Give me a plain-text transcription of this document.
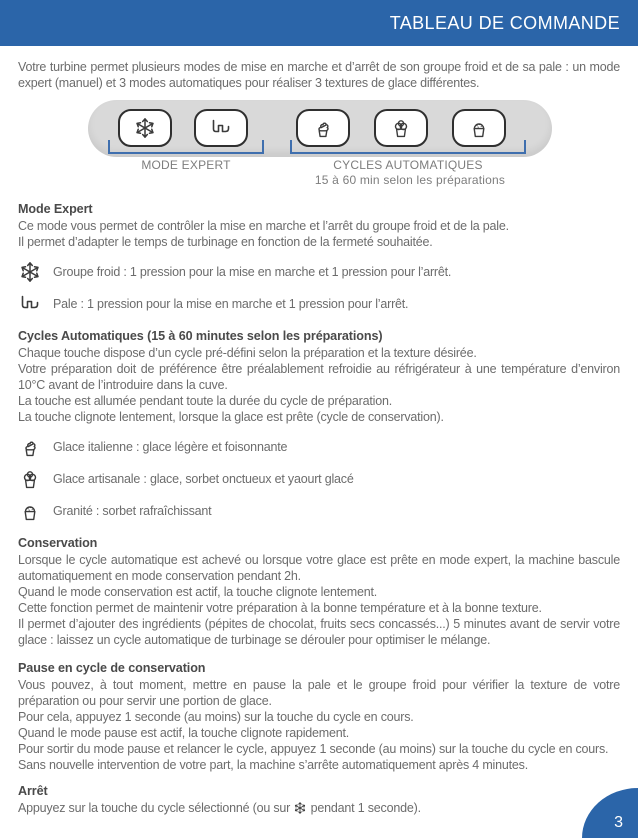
TABLEAU DE COMMANDE

Votre turbine permet plusieurs modes de mise en marche et d’arrêt de son groupe froid et de sa pale : un mode expert (manuel) et 3 modes automatiques pour réaliser 3 textures de glace différentes.

MODE EXPERT	CYCLES AUTOMATIQUES
15 à 60 min selon les préparations
Mode Expert

Ce mode vous permet de contrôler la mise en marche et l’arrêt du groupe froid et de la pale.

Il permet d’adapter le temps de turbinage en fonction de la fermeté souhaitée.

Groupe froid : 1 pression pour la mise en marche et 1 pression pour l’arrêt.
Pale : 1 pression pour la mise en marche et 1 pression pour l’arrêt.
Cycles Automatiques (15 à 60 minutes selon les préparations)

Chaque touche dispose d’un cycle pré-défini selon la préparation et la texture désirée.

Votre préparation doit de préférence être préalablement refroidie au réfrigérateur à une température d’environ 10°C avant de l’introduire dans la cuve.

La touche est allumée pendant toute la durée du cycle de préparation.

La touche clignote lentement, lorsque la glace est prête (cycle de conservation).

Glace italienne : glace légère et foisonnante
Glace artisanale : glace, sorbet onctueux et yaourt glacé
Granité : sorbet rafraîchissant
Conservation

Lorsque le cycle automatique est achevé ou lorsque votre glace est prête en mode expert, la machine bascule automatiquement en mode conservation pendant 2h.

Quand le mode conservation est actif, la touche clignote lentement.

Cette fonction permet de maintenir votre préparation à la bonne température et à la bonne texture.

Il permet d’ajouter des ingrédients (pépites de chocolat, fruits secs concassés...) 5 minutes avant de servir votre glace : laissez un cycle automatique de turbinage se dérouler pour optimiser le mélange.

Pause en cycle de conservation

Vous pouvez, à tout moment, mettre en pause la pale et le groupe froid pour vérifier la texture de votre préparation ou pour servir une portion de glace.

Pour cela, appuyez 1 seconde (au moins) sur la touche du cycle en cours.

Quand le mode pause est actif, la touche clignote rapidement.

Pour sortir du mode pause et relancer le cycle, appuyez 1 seconde (au moins) sur la touche du cycle en cours.

Sans nouvelle intervention de votre part, la machine s’arrête automatiquement après 4 minutes.

Arrêt

Appuyez sur la touche du cycle sélectionné (ou sur  pendant 1 seconde).

3
